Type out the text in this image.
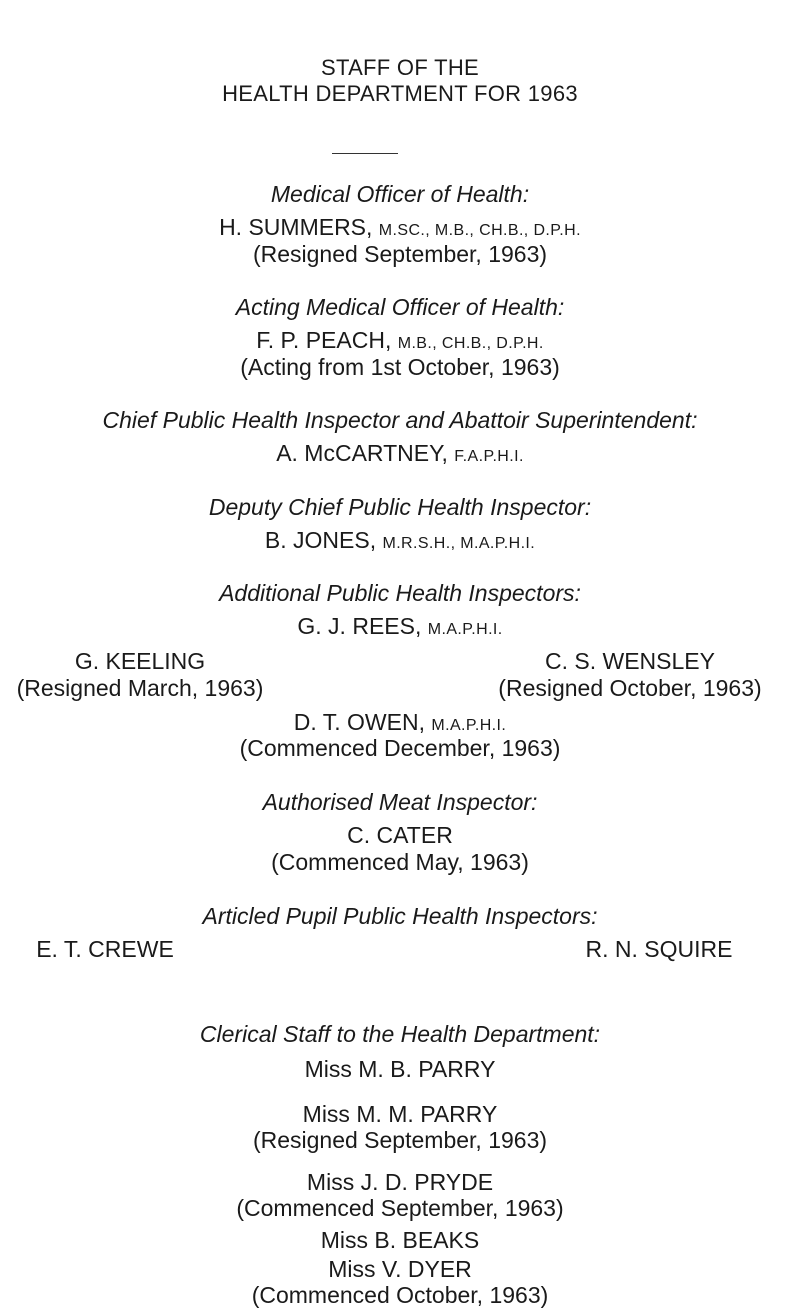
STAFF OF THE
HEALTH DEPARTMENT FOR 1963
Medical Officer of Health:
H. SUMMERS, M.SC., M.B., CH.B., D.P.H.
(Resigned September, 1963)
Acting Medical Officer of Health:
F. P. PEACH, M.B., CH.B., D.P.H.
(Acting from 1st October, 1963)
Chief Public Health Inspector and Abattoir Superintendent:
A. McCARTNEY, F.A.P.H.I.
Deputy Chief Public Health Inspector:
B. JONES, M.R.S.H., M.A.P.H.I.
Additional Public Health Inspectors:
G. J. REES, M.A.P.H.I.
G. KEELING
(Resigned March, 1963)
C. S. WENSLEY
(Resigned October, 1963)
D. T. OWEN, M.A.P.H.I.
(Commenced December, 1963)
Authorised Meat Inspector:
C. CATER
(Commenced May, 1963)
Articled Pupil Public Health Inspectors:
E. T. CREWE	R. N. SQUIRE
Clerical Staff to the Health Department:
Miss M. B. PARRY
Miss M. M. PARRY
(Resigned September, 1963)
Miss J. D. PRYDE
(Commenced September, 1963)
Miss B. BEAKS
Miss V. DYER
(Commenced October, 1963)
